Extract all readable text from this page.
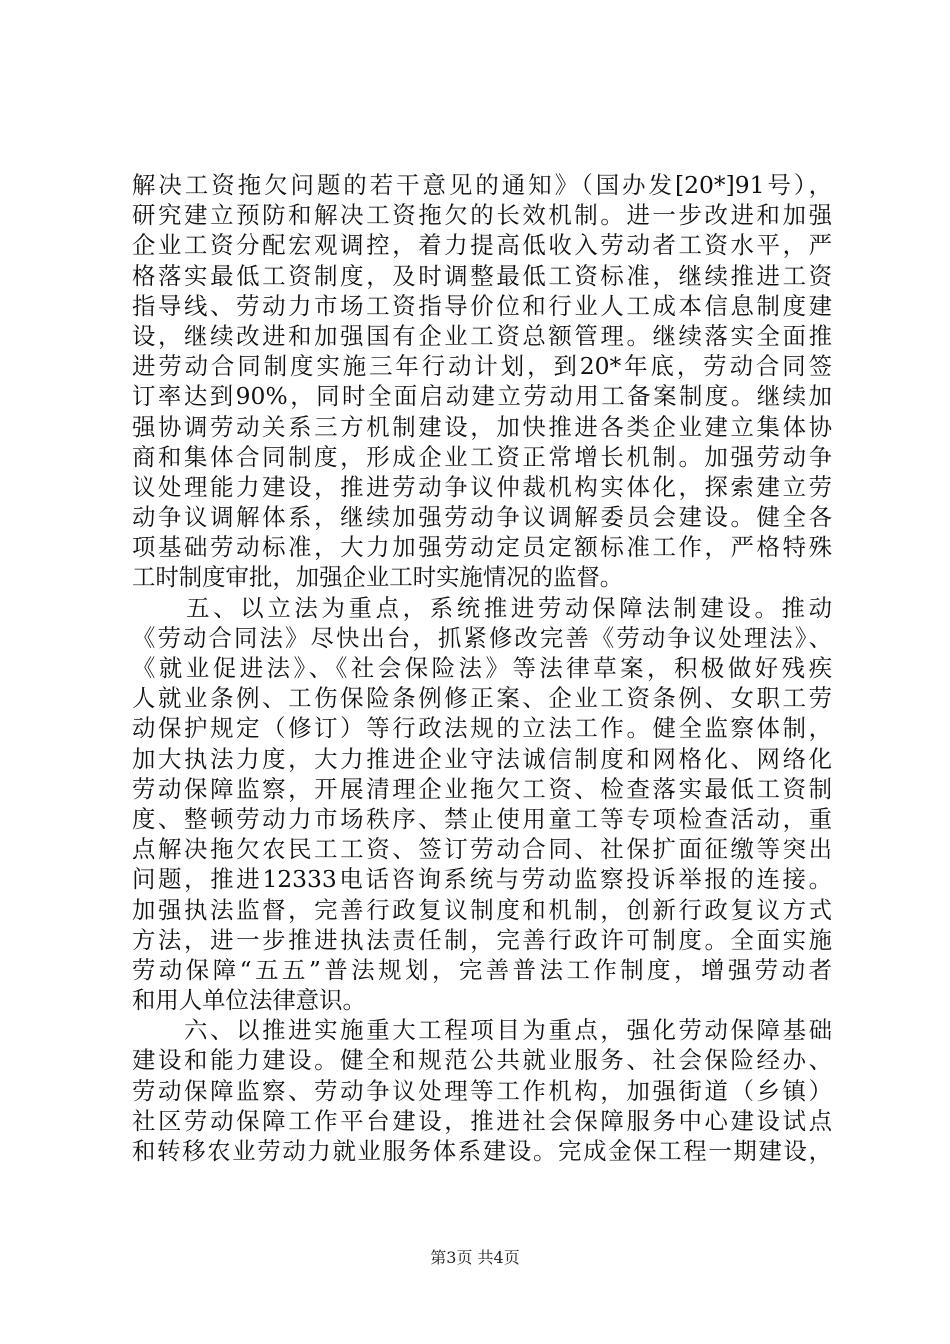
解决工资拖欠问题的若干意见的通知》（国办发[20*]91号），
研究建立预防和解决工资拖欠的长效机制。进一步改进和加强
企业工资分配宏观调控，着力提高低收入劳动者工资水平，严
格落实最低工资制度，及时调整最低工资标准，继续推进工资
指导线、劳动力市场工资指导价位和行业人工成本信息制度建
设，继续改进和加强国有企业工资总额管理。继续落实全面推
进劳动合同制度实施三年行动计划，到20*年底，劳动合同签
订率达到90%，同时全面启动建立劳动用工备案制度。继续加
强协调劳动关系三方机制建设，加快推进各类企业建立集体协
商和集体合同制度，形成企业工资正常增长机制。加强劳动争
议处理能力建设，推进劳动争议仲裁机构实体化，探索建立劳
动争议调解体系，继续加强劳动争议调解委员会建设。健全各
项基础劳动标准，大力加强劳动定员定额标准工作，严格特殊
工时制度审批，加强企业工时实施情况的监督。
　　五、以立法为重点，系统推进劳动保障法制建设。推动
《劳动合同法》尽快出台，抓紧修改完善《劳动争议处理法》、
《就业促进法》、《社会保险法》等法律草案，积极做好残疾
人就业条例、工伤保险条例修正案、企业工资条例、女职工劳
动保护规定（修订）等行政法规的立法工作。健全监察体制，
加大执法力度，大力推进企业守法诚信制度和网格化、网络化
劳动保障监察，开展清理企业拖欠工资、检查落实最低工资制
度、整顿劳动力市场秩序、禁止使用童工等专项检查活动，重
点解决拖欠农民工工资、签订劳动合同、社保扩面征缴等突出
问题，推进12333电话咨询系统与劳动监察投诉举报的连接。
加强执法监督，完善行政复议制度和机制，创新行政复议方式
方法，进一步推进执法责任制，完善行政许可制度。全面实施
劳动保障“五五”普法规划，完善普法工作制度，增强劳动者
和用人单位法律意识。
　　六、以推进实施重大工程项目为重点，强化劳动保障基础
建设和能力建设。健全和规范公共就业服务、社会保险经办、
劳动保障监察、劳动争议处理等工作机构，加强街道（乡镇）
社区劳动保障工作平台建设，推进社会保障服务中心建设试点
和转移农业劳动力就业服务体系建设。完成金保工程一期建设，
第3页 共4页
